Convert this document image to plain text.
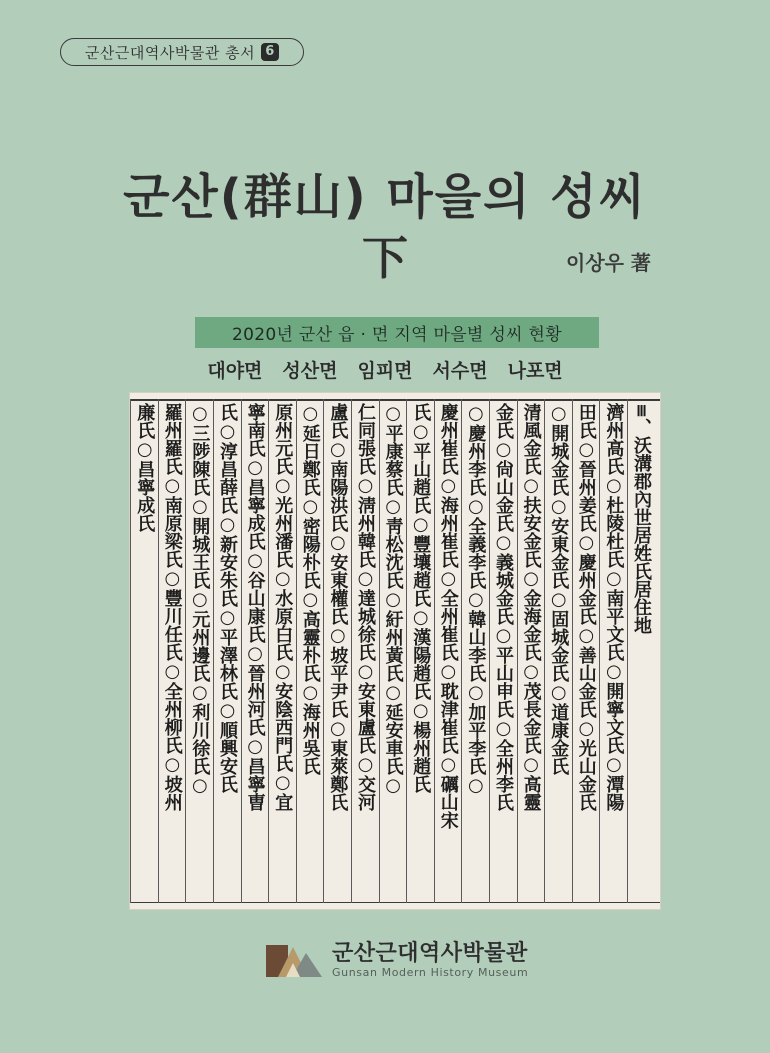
군산근대역사박물관 총서 6
군산(群山) 마을의 성씨
下	이상우 著
2020년 군산 읍 · 면 지역 마을별 성씨 현황
대야면 성산면 임피면 서수면 나포면
≡、沃溝郡內世居姓氏居住地
濟州高氏○杜陵杜氏○南平文氏○開寧文氏○潭陽
田氏○晉州姜氏○慶州金氏○善山金氏○光山金氏
○開城金氏○安東金氏○固城金氏○道康金氏
清風金氏○扶安金氏○金海金氏○茂長金氏○高靈
金氏○尙山金氏○義城金氏○平山申氏○全州李氏
○慶州李氏○全義李氏○韓山李氏○加平李氏○
慶州崔氏○海州崔氏○全州崔氏○耽津崔氏○礪山宋
氏○平山趙氏○豐壤趙氏○漢陽趙氏○楊州趙氏
○平康蔡氏○靑松沈氏○紆州黃氏○延安車氏○
仁同張氏○淸州韓氏○達城徐氏○安東盧氏○交河
盧氏○南陽洪氏○安東權氏○坡平尹氏○東萊鄭氏
○延日鄭氏○密陽朴氏○高靈朴氏○海州吳氏
原州元氏○光州潘氏○水原白氏○安陰西門氏○宜
寧南氏○昌寧成氏○谷山康氏○晉州河氏○昌寧曺
氏○淳昌薛氏○新安朱氏○平澤林氏○順興安氏
○三陟陳氏○開城王氏○元州邊氏○利川徐氏○
羅州羅氏○南原梁氏○豐川任氏○全州柳氏○坡州
廉氏○昌寧成氏
군산근대역사박물관
Gunsan Modern History Museum
